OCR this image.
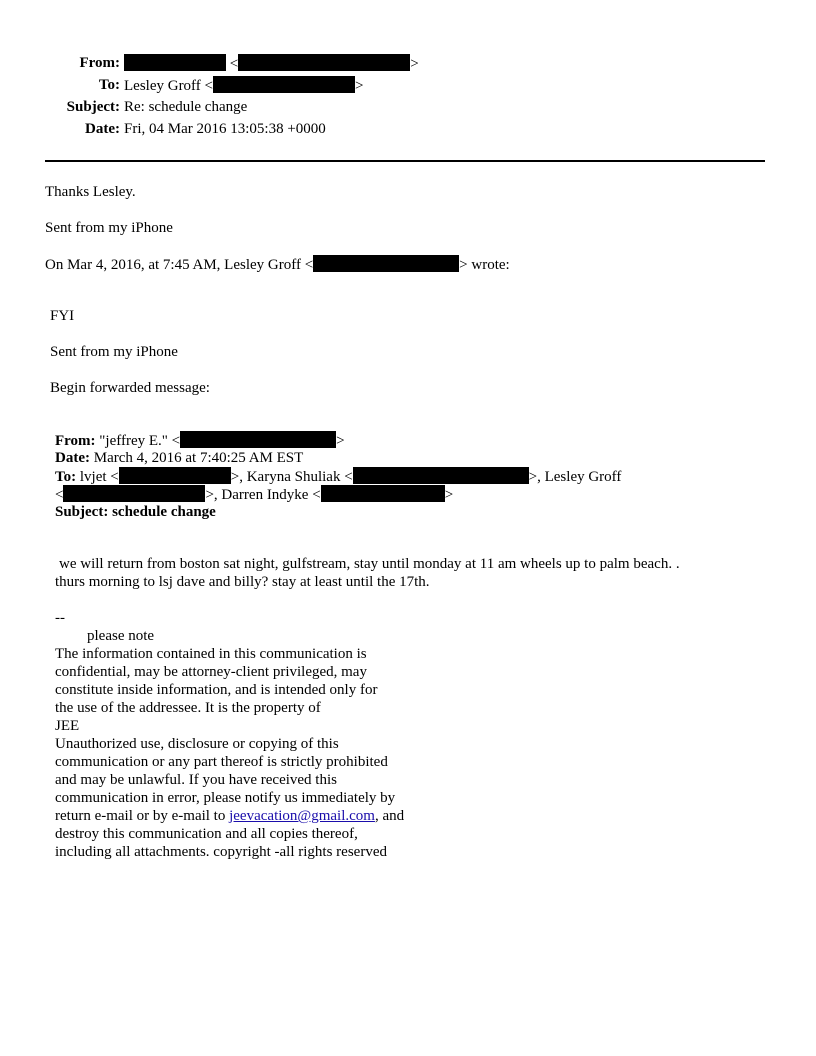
From:	<	>
To: Lesley Groff <	>
Subject: Re: schedule change
Date: Fri, 04 Mar 2016 13:05:38 +0000
Thanks Lesley.
Sent from my iPhone
On Mar 4, 2016, at 7:45 AM, Lesley Groff <	> wrote:
FYI
Sent from my iPhone
Begin forwarded message:
From: "jeffrey E." <	>
Date: March 4, 2016 at 7:40:25 AM EST
To: lvjet <	>, Karyna Shuliak <	>, Lesley Groff
<	>, Darren Indyke <	>
Subject: schedule change
we will return from boston sat night, gulfstream, stay until monday at 11 am wheels up to palm beach. .
thurs morning to lsj dave and billy? stay at least until the 17th.
--
please note
The information contained in this communication is
confidential, may be attorney-client privileged, may
constitute inside information, and is intended only for
the use of the addressee. It is the property of
JEE
Unauthorized use, disclosure or copying of this
communication or any part thereof is strictly prohibited
and may be unlawful. If you have received this
communication in error, please notify us immediately by
return e-mail or by e-mail to jeevacation@gmail.com, and
destroy this communication and all copies thereof,
including all attachments. copyright -all rights reserved
